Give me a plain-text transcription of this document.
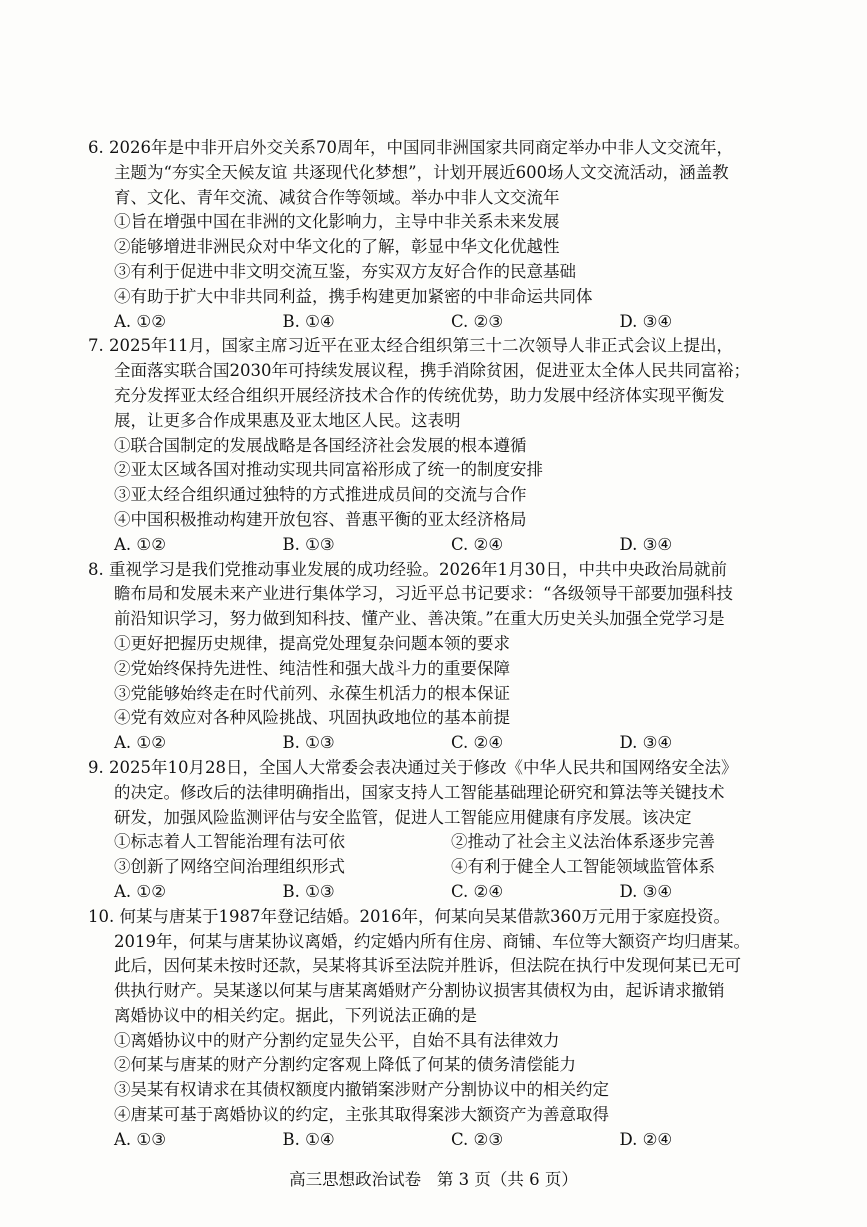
6. 2026年是中非开启外交关系70周年，中国同非洲国家共同商定举办中非人文交流年，
主题为“夯实全天候友谊 共逐现代化梦想”，计划开展近600场人文交流活动，涵盖教
育、文化、青年交流、减贫合作等领域。举办中非人文交流年
①旨在增强中国在非洲的文化影响力，主导中非关系未来发展
②能够增进非洲民众对中华文化的了解，彰显中华文化优越性
③有利于促进中非文明交流互鉴，夯实双方友好合作的民意基础
④有助于扩大中非共同利益，携手构建更加紧密的中非命运共同体
A. ①②	B. ①④	C. ②③	D. ③④
7. 2025年11月，国家主席习近平在亚太经合组织第三十二次领导人非正式会议上提出，
全面落实联合国2030年可持续发展议程，携手消除贫困，促进亚太全体人民共同富裕；
充分发挥亚太经合组织开展经济技术合作的传统优势，助力发展中经济体实现平衡发
展，让更多合作成果惠及亚太地区人民。这表明
①联合国制定的发展战略是各国经济社会发展的根本遵循
②亚太区域各国对推动实现共同富裕形成了统一的制度安排
③亚太经合组织通过独特的方式推进成员间的交流与合作
④中国积极推动构建开放包容、普惠平衡的亚太经济格局
A. ①②	B. ①③	C. ②④	D. ③④
8. 重视学习是我们党推动事业发展的成功经验。2026年1月30日，中共中央政治局就前
瞻布局和发展未来产业进行集体学习，习近平总书记要求：“各级领导干部要加强科技
前沿知识学习，努力做到知科技、懂产业、善决策。”在重大历史关头加强全党学习是
①更好把握历史规律，提高党处理复杂问题本领的要求
②党始终保持先进性、纯洁性和强大战斗力的重要保障
③党能够始终走在时代前列、永葆生机活力的根本保证
④党有效应对各种风险挑战、巩固执政地位的基本前提
A. ①②	B. ①③	C. ②④	D. ③④
9. 2025年10月28日，全国人大常委会表决通过关于修改《中华人民共和国网络安全法》
的决定。修改后的法律明确指出，国家支持人工智能基础理论研究和算法等关键技术
研发，加强风险监测评估与安全监管，促进人工智能应用健康有序发展。该决定
①标志着人工智能治理有法可依	②推动了社会主义法治体系逐步完善
③创新了网络空间治理组织形式	④有利于健全人工智能领域监管体系
A. ①②	B. ①③	C. ②④	D. ③④
10. 何某与唐某于1987年登记结婚。2016年，何某向吴某借款360万元用于家庭投资。
2019年，何某与唐某协议离婚，约定婚内所有住房、商铺、车位等大额资产均归唐某。
此后，因何某未按时还款，吴某将其诉至法院并胜诉，但法院在执行中发现何某已无可
供执行财产。吴某遂以何某与唐某离婚财产分割协议损害其债权为由，起诉请求撤销
离婚协议中的相关约定。据此，下列说法正确的是
①离婚协议中的财产分割约定显失公平，自始不具有法律效力
②何某与唐某的财产分割约定客观上降低了何某的债务清偿能力
③吴某有权请求在其债权额度内撤销案涉财产分割协议中的相关约定
④唐某可基于离婚协议的约定，主张其取得案涉大额资产为善意取得
A. ①③	B. ①④	C. ②③	D. ②④
高三思想政治试卷   第 3 页（共 6 页）
